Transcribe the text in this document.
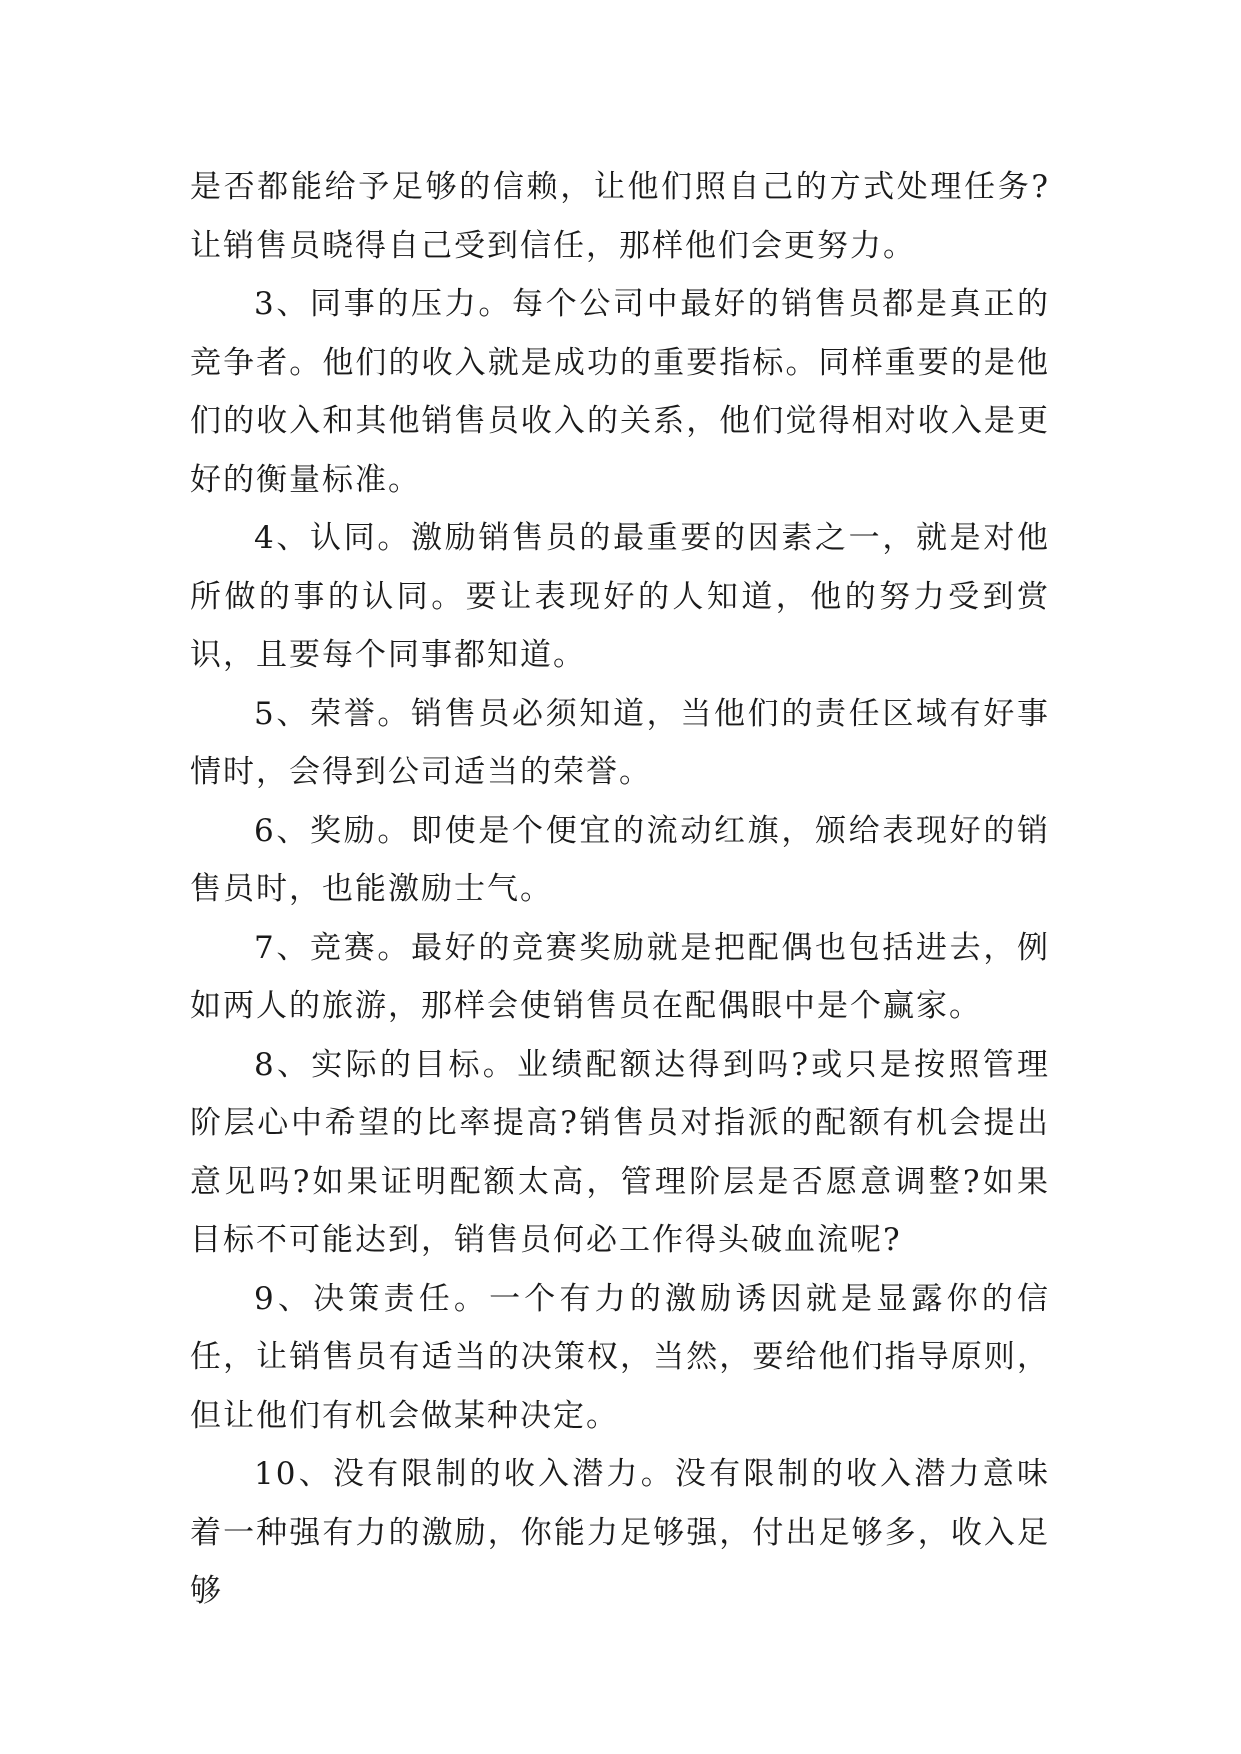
是否都能给予足够的信赖，让他们照自己的方式处理任务?让销售员晓得自己受到信任，那样他们会更努力。

3、同事的压力。每个公司中最好的销售员都是真正的竞争者。他们的收入就是成功的重要指标。同样重要的是他们的收入和其他销售员收入的关系，他们觉得相对收入是更好的衡量标准。

4、认同。激励销售员的最重要的因素之一，就是对他所做的事的认同。要让表现好的人知道，他的努力受到赏识，且要每个同事都知道。

5、荣誉。销售员必须知道，当他们的责任区域有好事情时，会得到公司适当的荣誉。

6、奖励。即使是个便宜的流动红旗，颁给表现好的销售员时，也能激励士气。

7、竞赛。最好的竞赛奖励就是把配偶也包括进去，例如两人的旅游，那样会使销售员在配偶眼中是个赢家。

8、实际的目标。业绩配额达得到吗?或只是按照管理阶层心中希望的比率提高?销售员对指派的配额有机会提出意见吗?如果证明配额太高，管理阶层是否愿意调整?如果目标不可能达到，销售员何必工作得头破血流呢?

9、决策责任。一个有力的激励诱因就是显露你的信任，让销售员有适当的决策权，当然，要给他们指导原则，但让他们有机会做某种决定。

10、没有限制的收入潜力。没有限制的收入潜力意味着一种强有力的激励，你能力足够强，付出足够多，收入足够
